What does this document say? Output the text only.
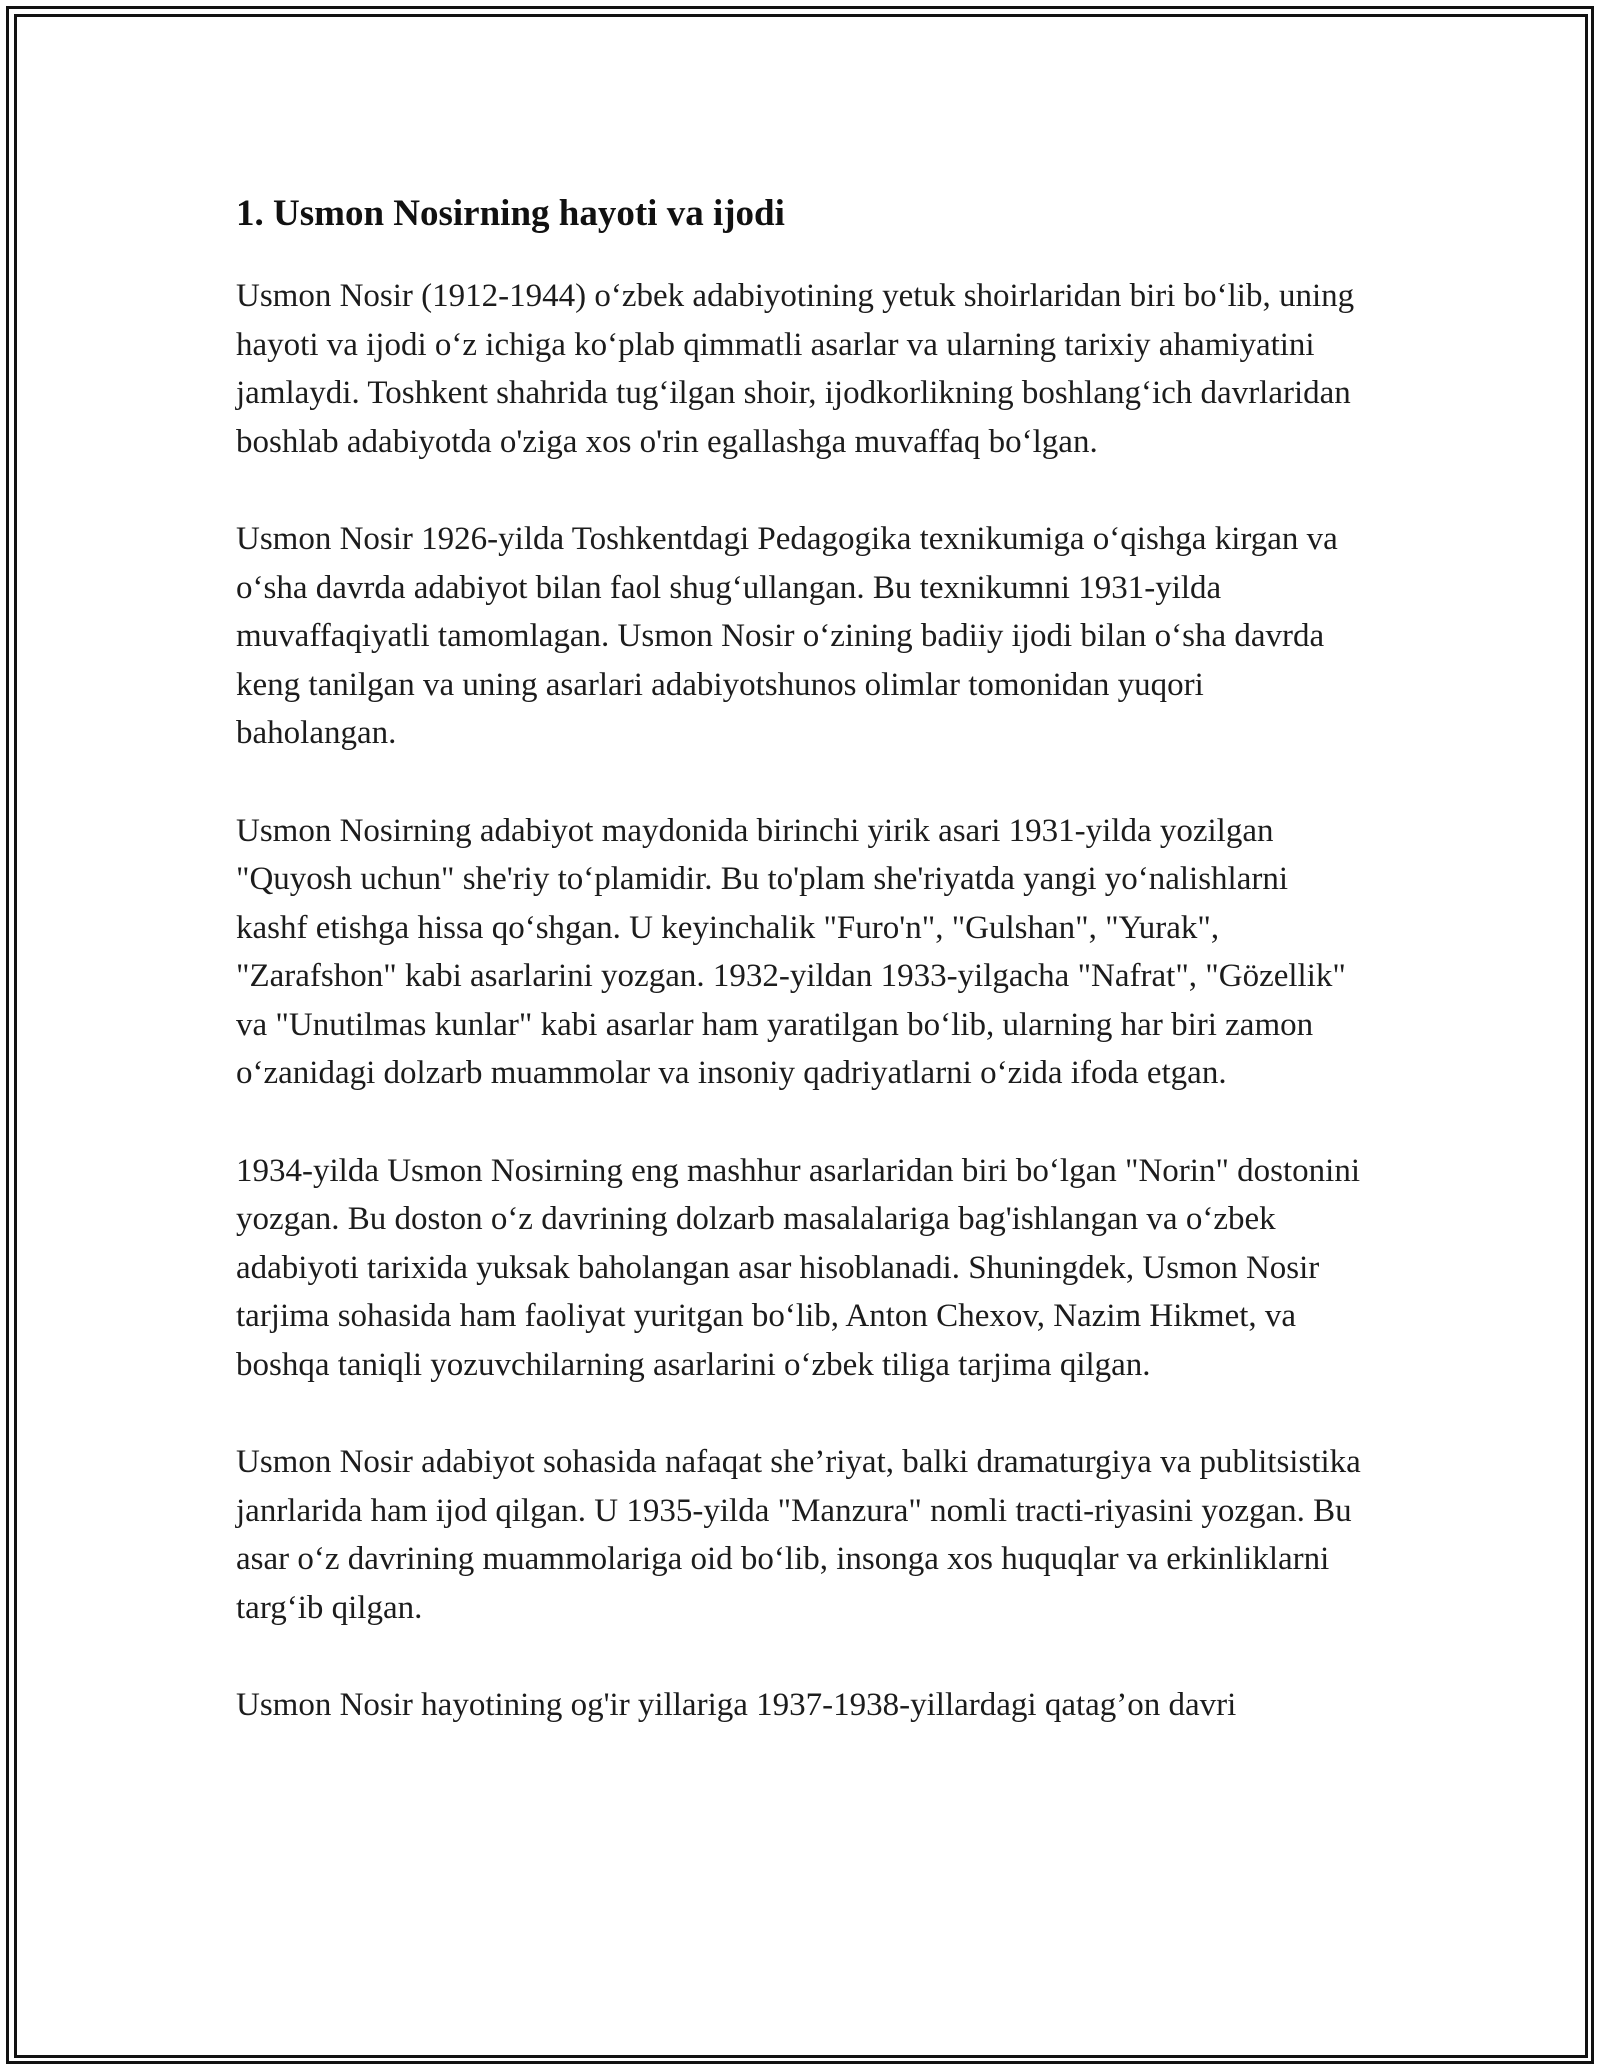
1. Usmon Nosirning hayoti va ijodi

Usmon Nosir (1912-1944) oʻzbek adabiyotining yetuk shoirlaridan biri boʻlib, uning hayoti va ijodi oʻz ichiga koʻplab qimmatli asarlar va ularning tarixiy ahamiyatini jamlaydi. Toshkent shahrida tugʻilgan shoir, ijodkorlikning boshlangʻich davrlaridan boshlab adabiyotda o'ziga xos o'rin egallashga muvaffaq boʻlgan.

Usmon Nosir 1926-yilda Toshkentdagi Pedagogika texnikumiga oʻqishga kirgan va oʻsha davrda adabiyot bilan faol shugʻullangan. Bu texnikumni 1931-yilda muvaffaqiyatli tamomlagan. Usmon Nosir oʻzining badiiy ijodi bilan oʻsha davrda keng tanilgan va uning asarlari adabiyotshunos olimlar tomonidan yuqori baholangan.

Usmon Nosirning adabiyot maydonida birinchi yirik asari 1931-yilda yozilgan "Quyosh uchun" she'riy toʻplamidir. Bu to'plam she'riyatda yangi yoʻnalishlarni kashf etishga hissa qoʻshgan. U keyinchalik "Furo'n", "Gulshan", "Yurak", "Zarafshon" kabi asarlarini yozgan. 1932-yildan 1933-yilgacha "Nafrat", "Gözellik" va "Unutilmas kunlar" kabi asarlar ham yaratilgan boʻlib, ularning har biri zamon oʻzanidagi dolzarb muammolar va insoniy qadriyatlarni oʻzida ifoda etgan.

1934-yilda Usmon Nosirning eng mashhur asarlaridan biri boʻlgan "Norin" dostonini yozgan. Bu doston oʻz davrining dolzarb masalalariga bag'ishlangan va oʻzbek adabiyoti tarixida yuksak baholangan asar hisoblanadi. Shuningdek, Usmon Nosir tarjima sohasida ham faoliyat yuritgan boʻlib, Anton Chexov, Nazim Hikmet, va boshqa taniqli yozuvchilarning asarlarini oʻzbek tiliga tarjima qilgan.

Usmon Nosir adabiyot sohasida nafaqat she’riyat, balki dramaturgiya va publitsistika janrlarida ham ijod qilgan. U 1935-yilda "Manzura" nomli tracti-riyasini yozgan. Bu asar oʻz davrining muammolariga oid boʻlib, insonga xos huquqlar va erkinliklarni targʻib qilgan.

Usmon Nosir hayotining og'ir yillariga 1937-1938-yillardagi qatag’on davri
